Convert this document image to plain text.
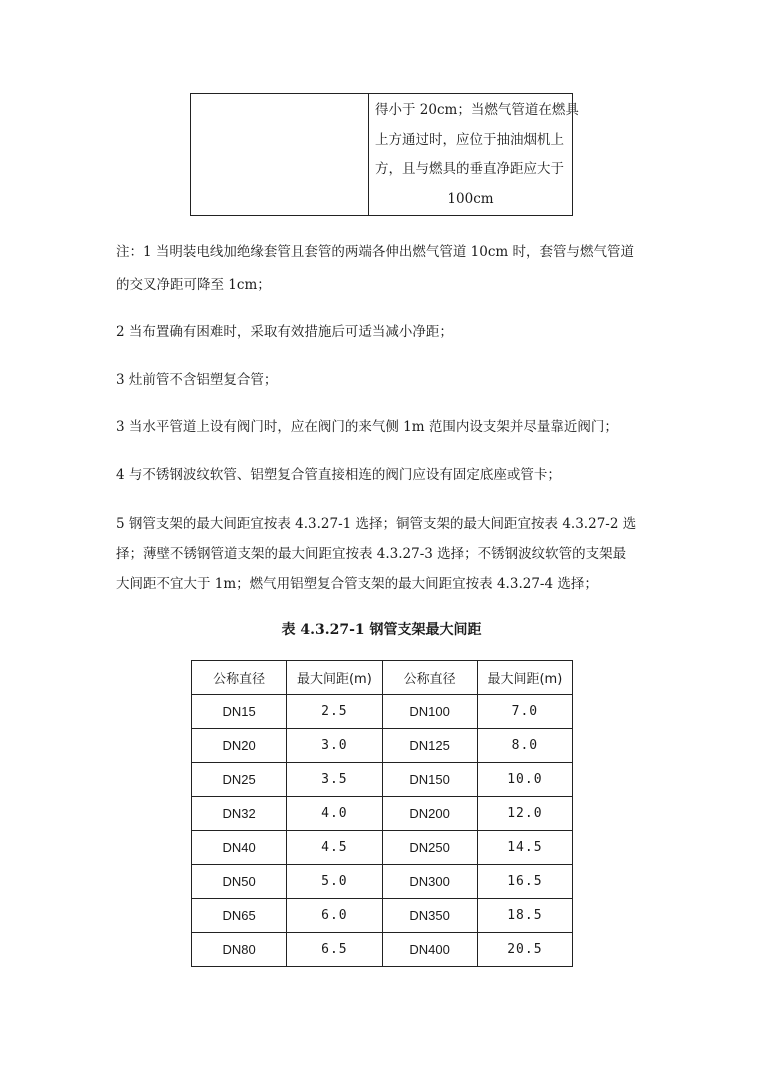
得小于 20cm；当燃气管道在燃具
上方通过时，应位于抽油烟机上
方，且与燃具的垂直净距应大于
100cm
注：1 当明装电线加绝缘套管且套管的两端各伸出燃气管道 10cm 时，套管与燃气管道
的交叉净距可降至 1cm；
2 当布置确有困难时，采取有效措施后可适当减小净距；
3 灶前管不含铝塑复合管；
3 当水平管道上设有阀门时，应在阀门的来气侧 1m 范围内设支架并尽量靠近阀门；
4 与不锈钢波纹软管、铝塑复合管直接相连的阀门应设有固定底座或管卡；
5 钢管支架的最大间距宜按表 4.3.27-1 选择；铜管支架的最大间距宜按表 4.3.27-2 选
择；薄壁不锈钢管道支架的最大间距宜按表 4.3.27-3 选择；不锈钢波纹软管的支架最
大间距不宜大于 1m；燃气用铝塑复合管支架的最大间距宜按表 4.3.27-4 选择；
表 4.3.27-1 钢管支架最大间距
公称直径	最大间距(m)	公称直径	最大间距(m)
DN15	2.5	DN100	7.0
DN20	3.0	DN125	8.0
DN25	3.5	DN150	10.0
DN32	4.0	DN200	12.0
DN40	4.5	DN250	14.5
DN50	5.0	DN300	16.5
DN65	6.0	DN350	18.5
DN80	6.5	DN400	20.5
